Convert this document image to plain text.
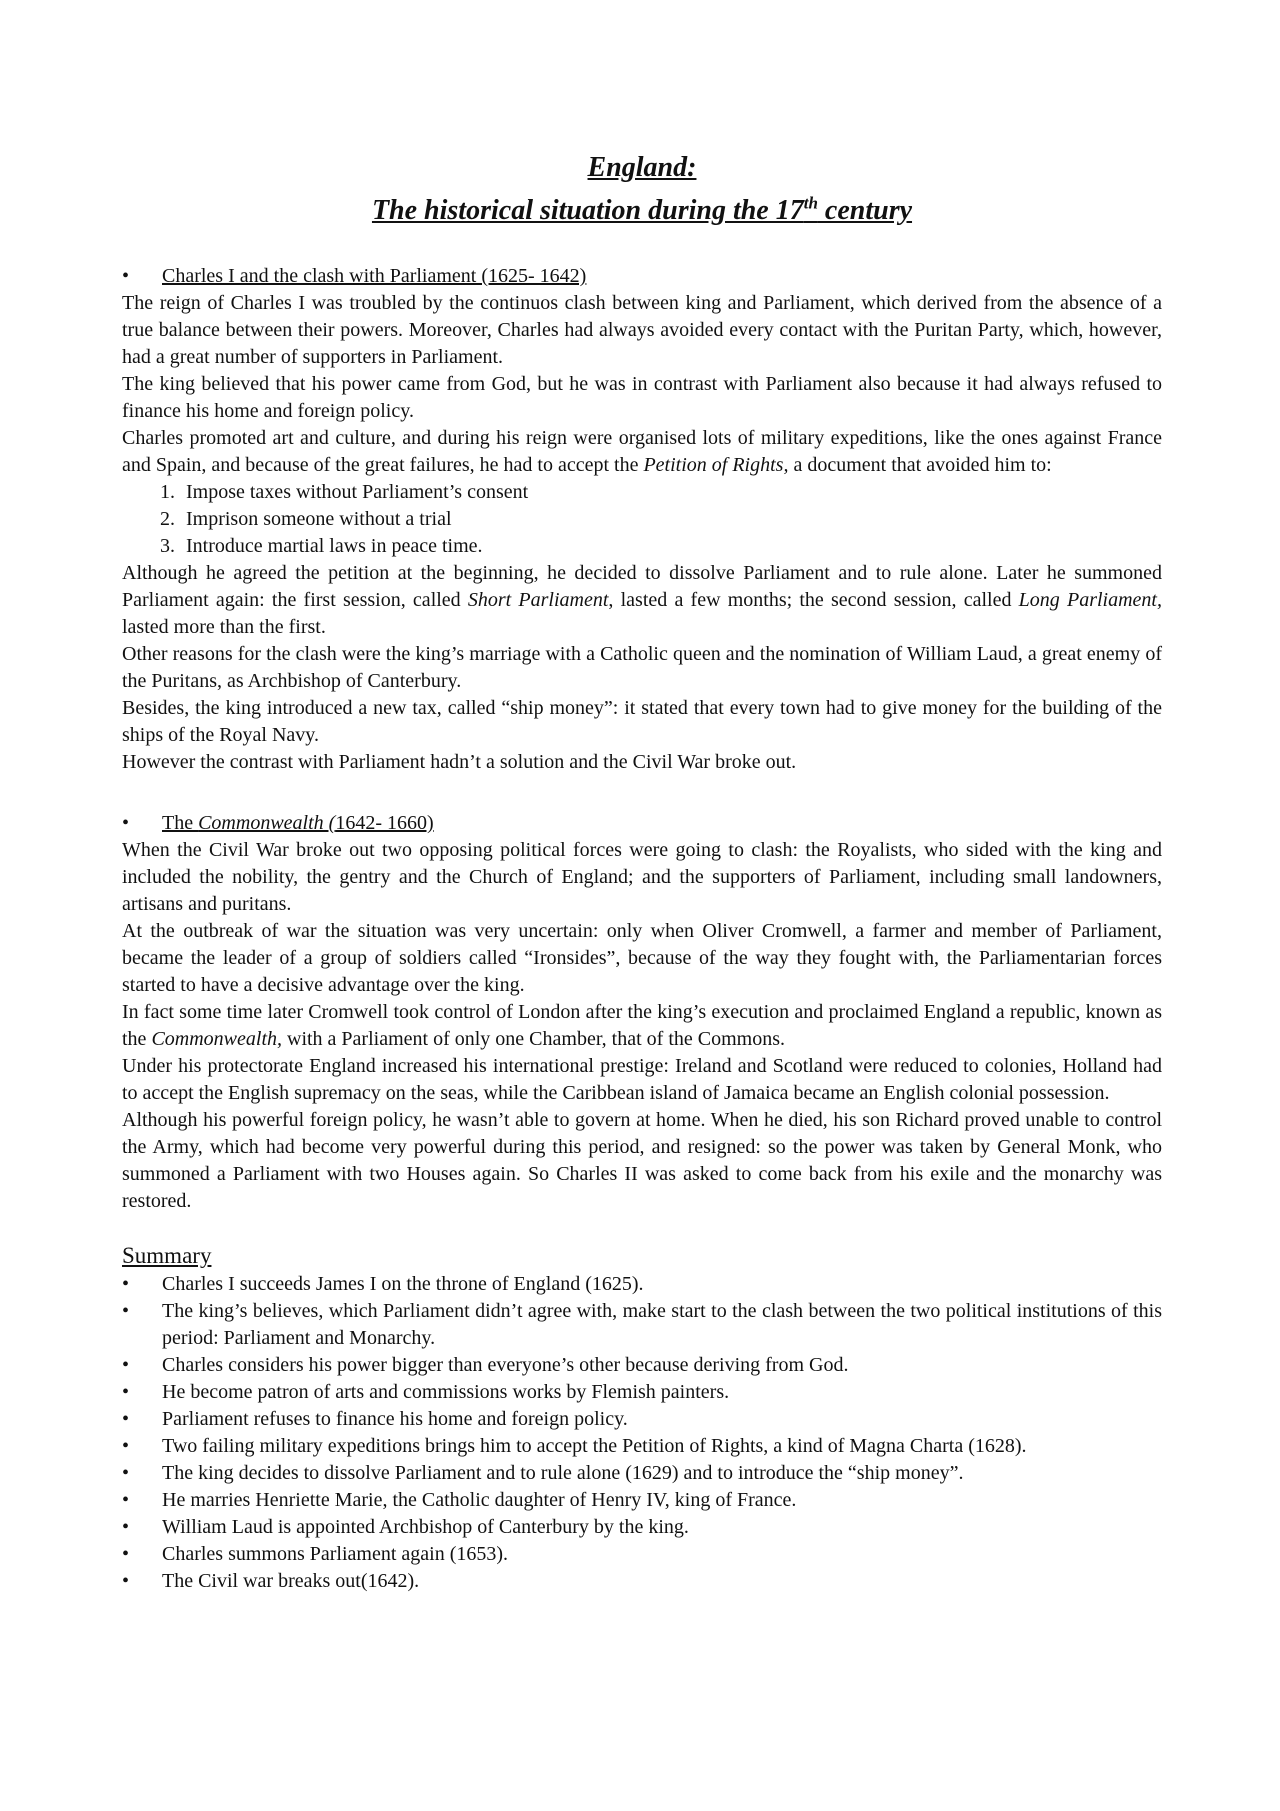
England:
The historical situation during the 17th century
•	Charles I and the clash with Parliament (1625- 1642)

The reign of Charles I was troubled by the continuos clash between king and Parliament, which derived from the absence of a true balance between their powers. Moreover, Charles had always avoided every contact with the Puritan Party, which, however, had a great number of supporters in Parliament.

The king believed that his power came from God, but he was in contrast with Parliament also because it had always refused to finance his home and foreign policy.

Charles promoted art and culture, and during his reign were organised lots of military expeditions, like the ones against France and Spain, and because of the great failures, he had to accept the Petition of Rights, a document that avoided him to:

1. Impose taxes without Parliament’s consent
2. Imprison someone without a trial
3. Introduce martial laws in peace time.

Although he agreed the petition at the beginning, he decided to dissolve Parliament and to rule alone. Later he summoned Parliament again: the first session, called Short Parliament, lasted a few months; the second session, called Long Parliament, lasted more than the first.

Other reasons for the clash were the king’s marriage with a Catholic queen and the nomination of William Laud, a great enemy of the Puritans, as Archbishop of Canterbury.

Besides, the king introduced a new tax, called “ship money”: it stated that every town had to give money for the building of the ships of the Royal Navy.

However the contrast with Parliament hadn’t a solution and the Civil War broke out.

•	The Commonwealth (1642- 1660)

When the Civil War broke out two opposing political forces were going to clash: the Royalists, who sided with the king and included the nobility, the gentry and the Church of England; and the supporters of Parliament, including small landowners, artisans and puritans.

At the outbreak of war the situation was very uncertain: only when Oliver Cromwell, a farmer and member of Parliament, became the leader of a group of soldiers called “Ironsides”, because of the way they fought with, the Parliamentarian forces started to have a decisive advantage over the king.

In fact some time later Cromwell took control of London after the king’s execution and proclaimed England a republic, known as the Commonwealth, with a Parliament of only one Chamber, that of the Commons.

Under his protectorate England increased his international prestige: Ireland and Scotland were reduced to colonies, Holland had to accept the English supremacy on the seas, while the Caribbean island of Jamaica became an English colonial possession.

Although his powerful foreign policy, he wasn’t able to govern at home. When he died, his son Richard proved unable to control the Army, which had become very powerful during this period, and resigned: so the power was taken by General Monk, who summoned a Parliament with two Houses again. So Charles II was asked to come back from his exile and the monarchy was restored.

Summary
•	Charles I succeeds James I on the throne of England (1625).
•	The king’s believes, which Parliament didn’t agree with, make start to the clash between the two political institutions of this period: Parliament and Monarchy.
•	Charles considers his power bigger than everyone’s other because deriving from God.
•	He become patron of arts and commissions works by Flemish painters.
•	Parliament refuses to finance his home and foreign policy.
•	Two failing military expeditions brings him to accept the Petition of Rights, a kind of Magna Charta (1628).
•	The king decides to dissolve Parliament and to rule alone (1629) and to introduce the “ship money”.
•	He marries Henriette Marie, the Catholic daughter of Henry IV, king of France.
•	William Laud is appointed Archbishop of Canterbury by the king.
•	Charles summons Parliament again (1653).
•	The Civil war breaks out(1642).
